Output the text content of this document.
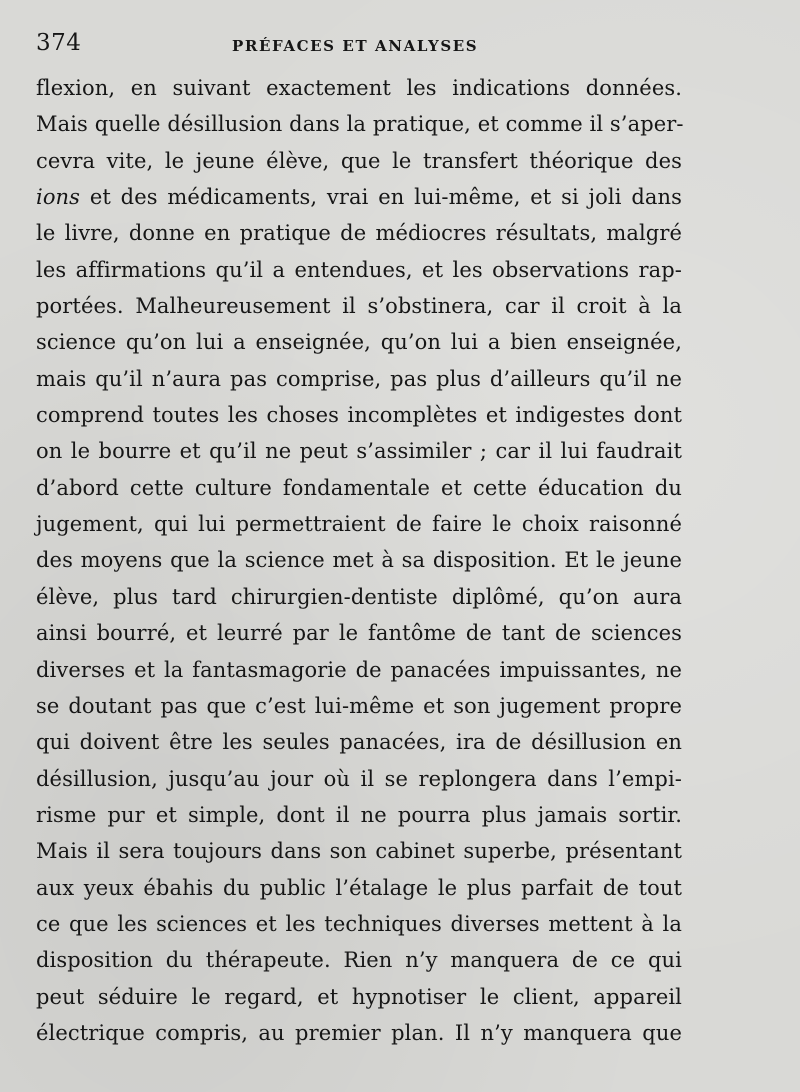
374	PRÉFACES ET ANALYSES
flexion, en suivant exactement les indications données.
Mais quelle désillusion dans la pratique, et comme il s’aper-
cevra vite, le jeune élève, que le transfert théorique des
ions et des médicaments, vrai en lui-même, et si joli dans
le livre, donne en pratique de médiocres résultats, malgré
les affirmations qu’il a entendues, et les observations rap-
portées. Malheureusement il s’obstinera, car il croit à la
science qu’on lui a enseignée, qu’on lui a bien enseignée,
mais qu’il n’aura pas comprise, pas plus d’ailleurs qu’il ne
comprend toutes les choses incomplètes et indigestes dont
on le bourre et qu’il ne peut s’assimiler ; car il lui faudrait
d’abord cette culture fondamentale et cette éducation du
jugement, qui lui permettraient de faire le choix raisonné
des moyens que la science met à sa disposition. Et le jeune
élève, plus tard chirurgien-dentiste diplômé, qu’on aura
ainsi bourré, et leurré par le fantôme de tant de sciences
diverses et la fantasmagorie de panacées impuissantes, ne
se doutant pas que c’est lui-même et son jugement propre
qui doivent être les seules panacées, ira de désillusion en
désillusion, jusqu’au jour où il se replongera dans l’empi-
risme pur et simple, dont il ne pourra plus jamais sortir.
Mais il sera toujours dans son cabinet superbe, présentant
aux yeux ébahis du public l’étalage le plus parfait de tout
ce que les sciences et les techniques diverses mettent à la
disposition du thérapeute. Rien n’y manquera de ce qui
peut séduire le regard, et hypnotiser le client, appareil
électrique compris, au premier plan. Il n’y manquera que
